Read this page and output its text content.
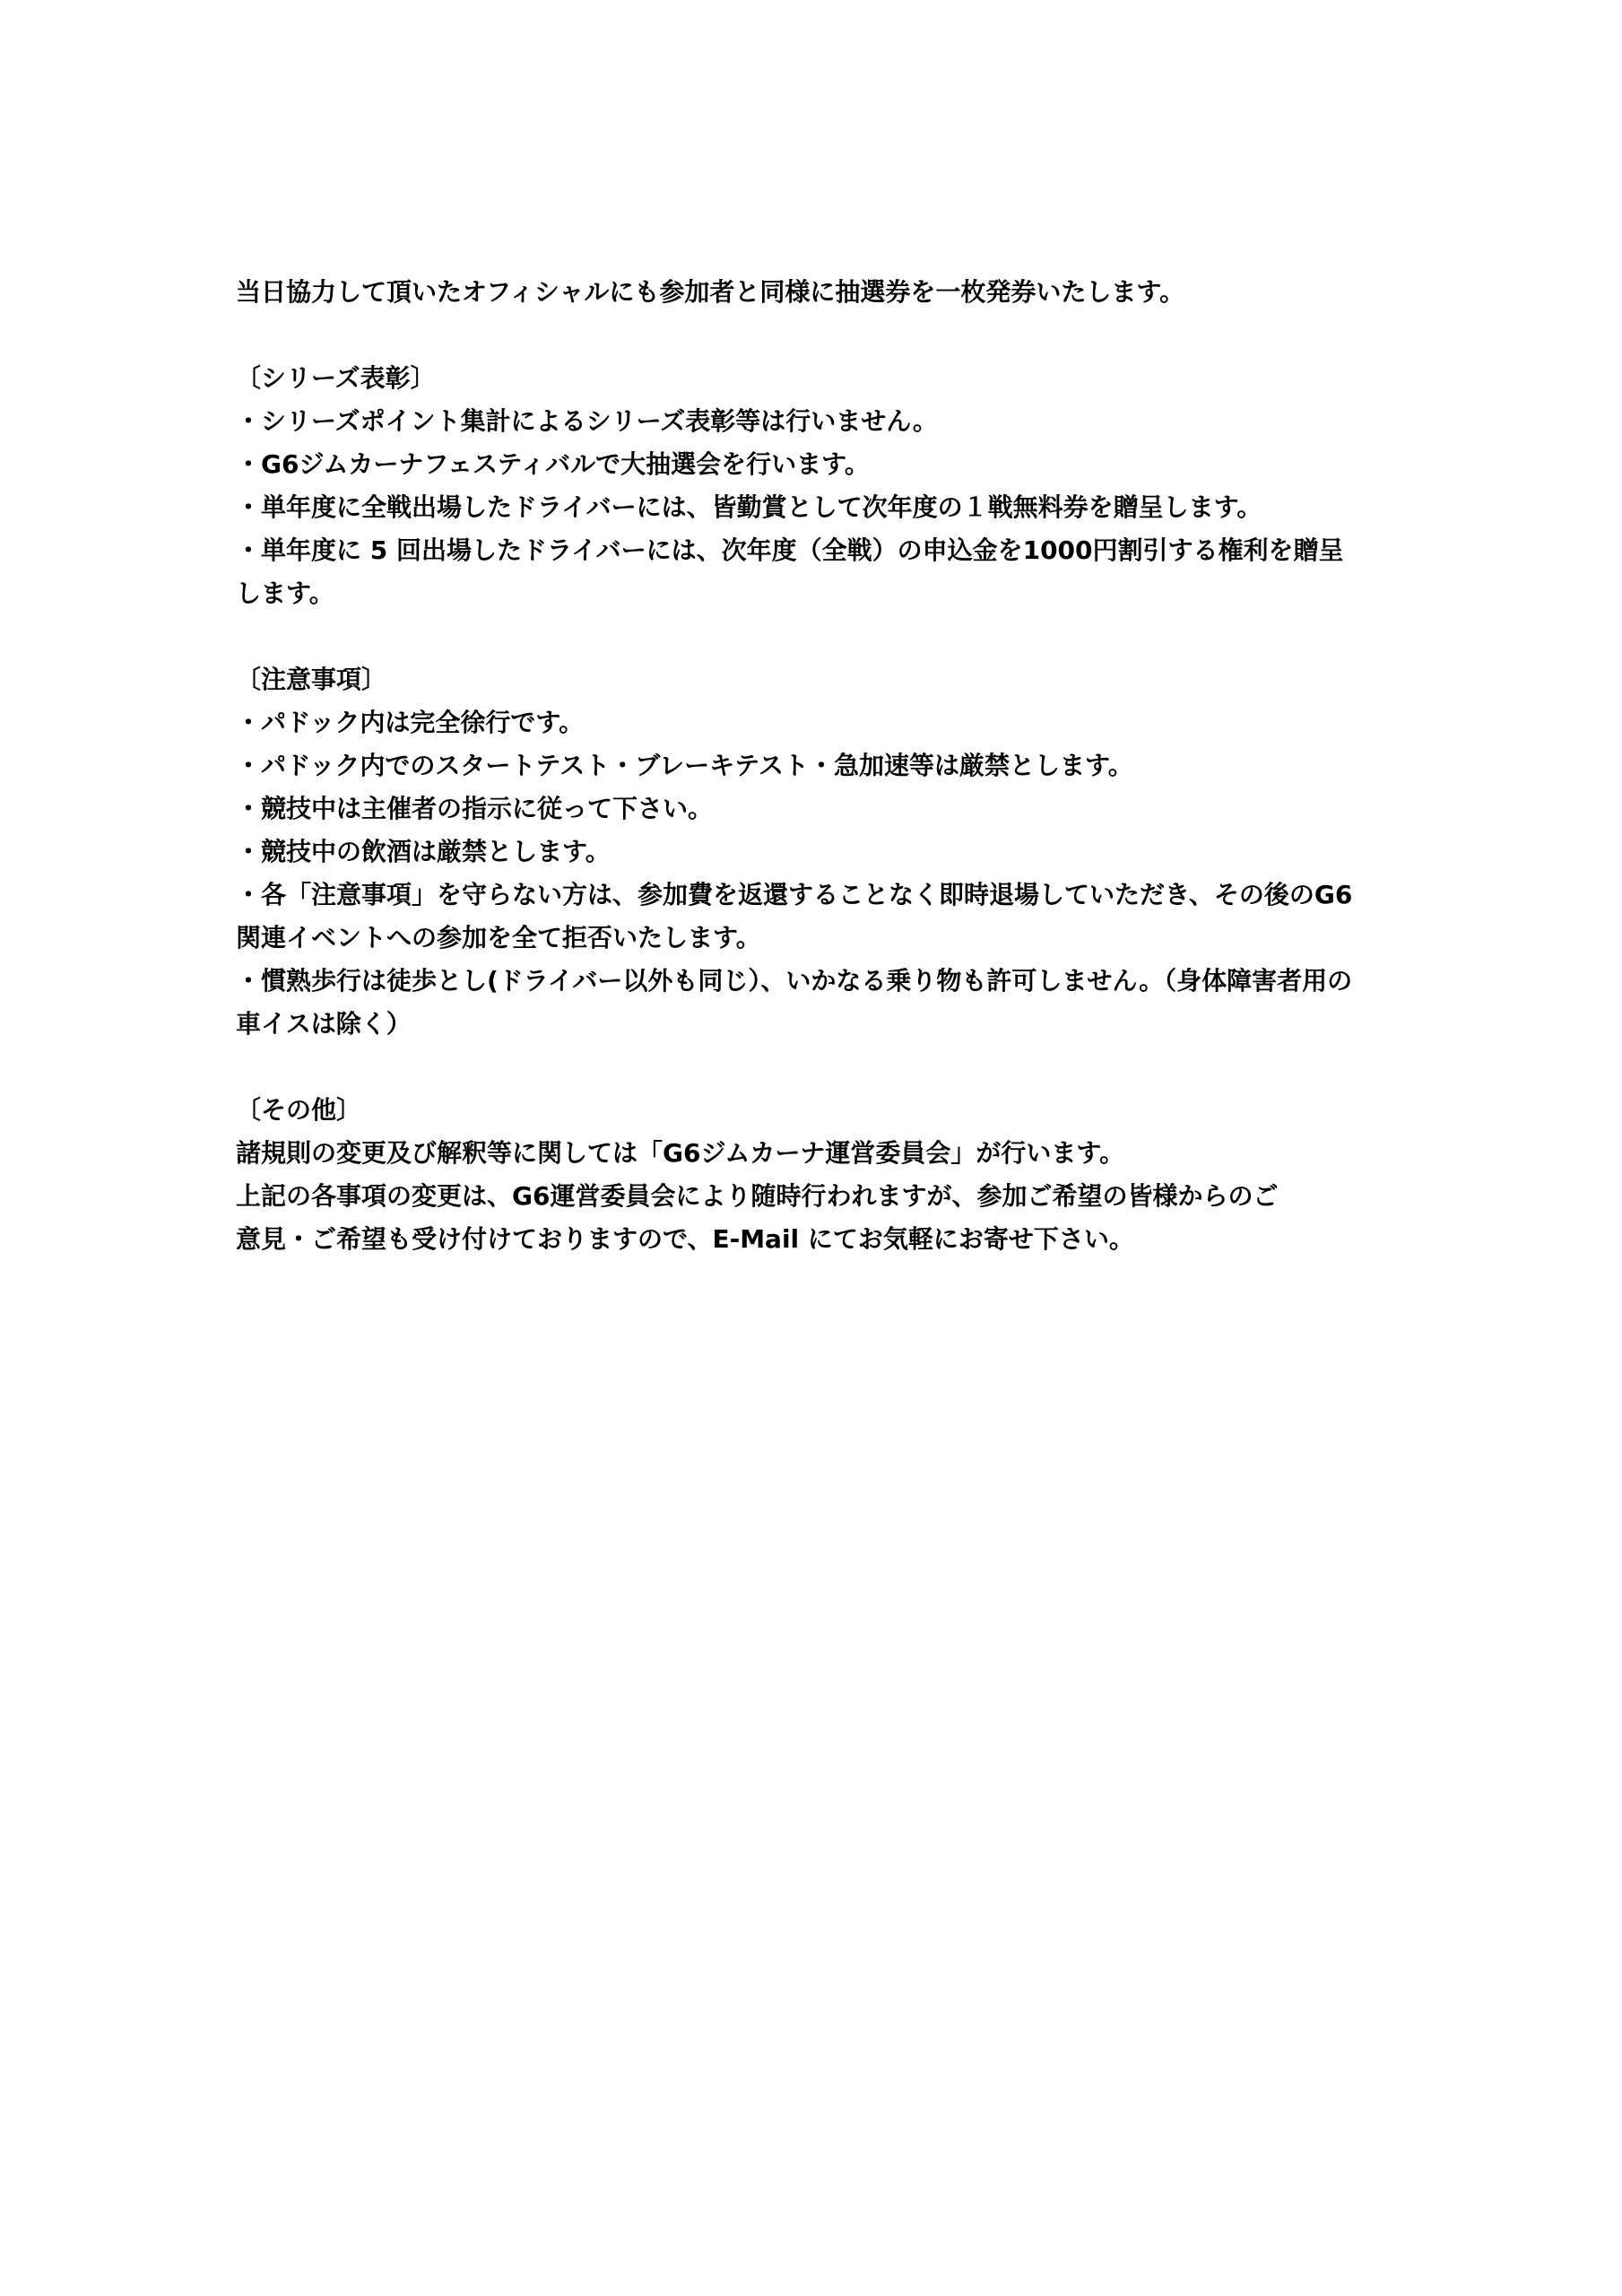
当日協力して頂いたオフィシャルにも参加者と同様に抽選券を一枚発券いたします。
〔シリーズ表彰〕
・シリーズポイント集計によるシリーズ表彰等は行いません。
・G6ジムカーナフェスティバルで大抽選会を行います。
・単年度に全戦出場したドライバーには、皆勤賞として次年度の１戦無料券を贈呈します。
・単年度に 5 回出場したドライバーには、次年度（全戦）の申込金を1000円割引する権利を贈呈
します。
〔注意事項〕
・パドック内は完全徐行です。
・パドック内でのスタートテスト・ブレーキテスト・急加速等は厳禁とします。
・競技中は主催者の指示に従って下さい。
・競技中の飲酒は厳禁とします。
・各「注意事項」を守らない方は、参加費を返還することなく即時退場していただき、その後のG6
関連イベントへの参加を全て拒否いたします。
・慣熟歩行は徒歩とし(ドライバー以外も同じ）、いかなる乗り物も許可しません。（身体障害者用の
車イスは除く）
〔その他〕
諸規則の変更及び解釈等に関しては「G6ジムカーナ運営委員会」が行います。
上記の各事項の変更は、G6運営委員会により随時行われますが、参加ご希望の皆様からのご
意見・ご希望も受け付けておりますので、E-Mail にてお気軽にお寄せ下さい。
